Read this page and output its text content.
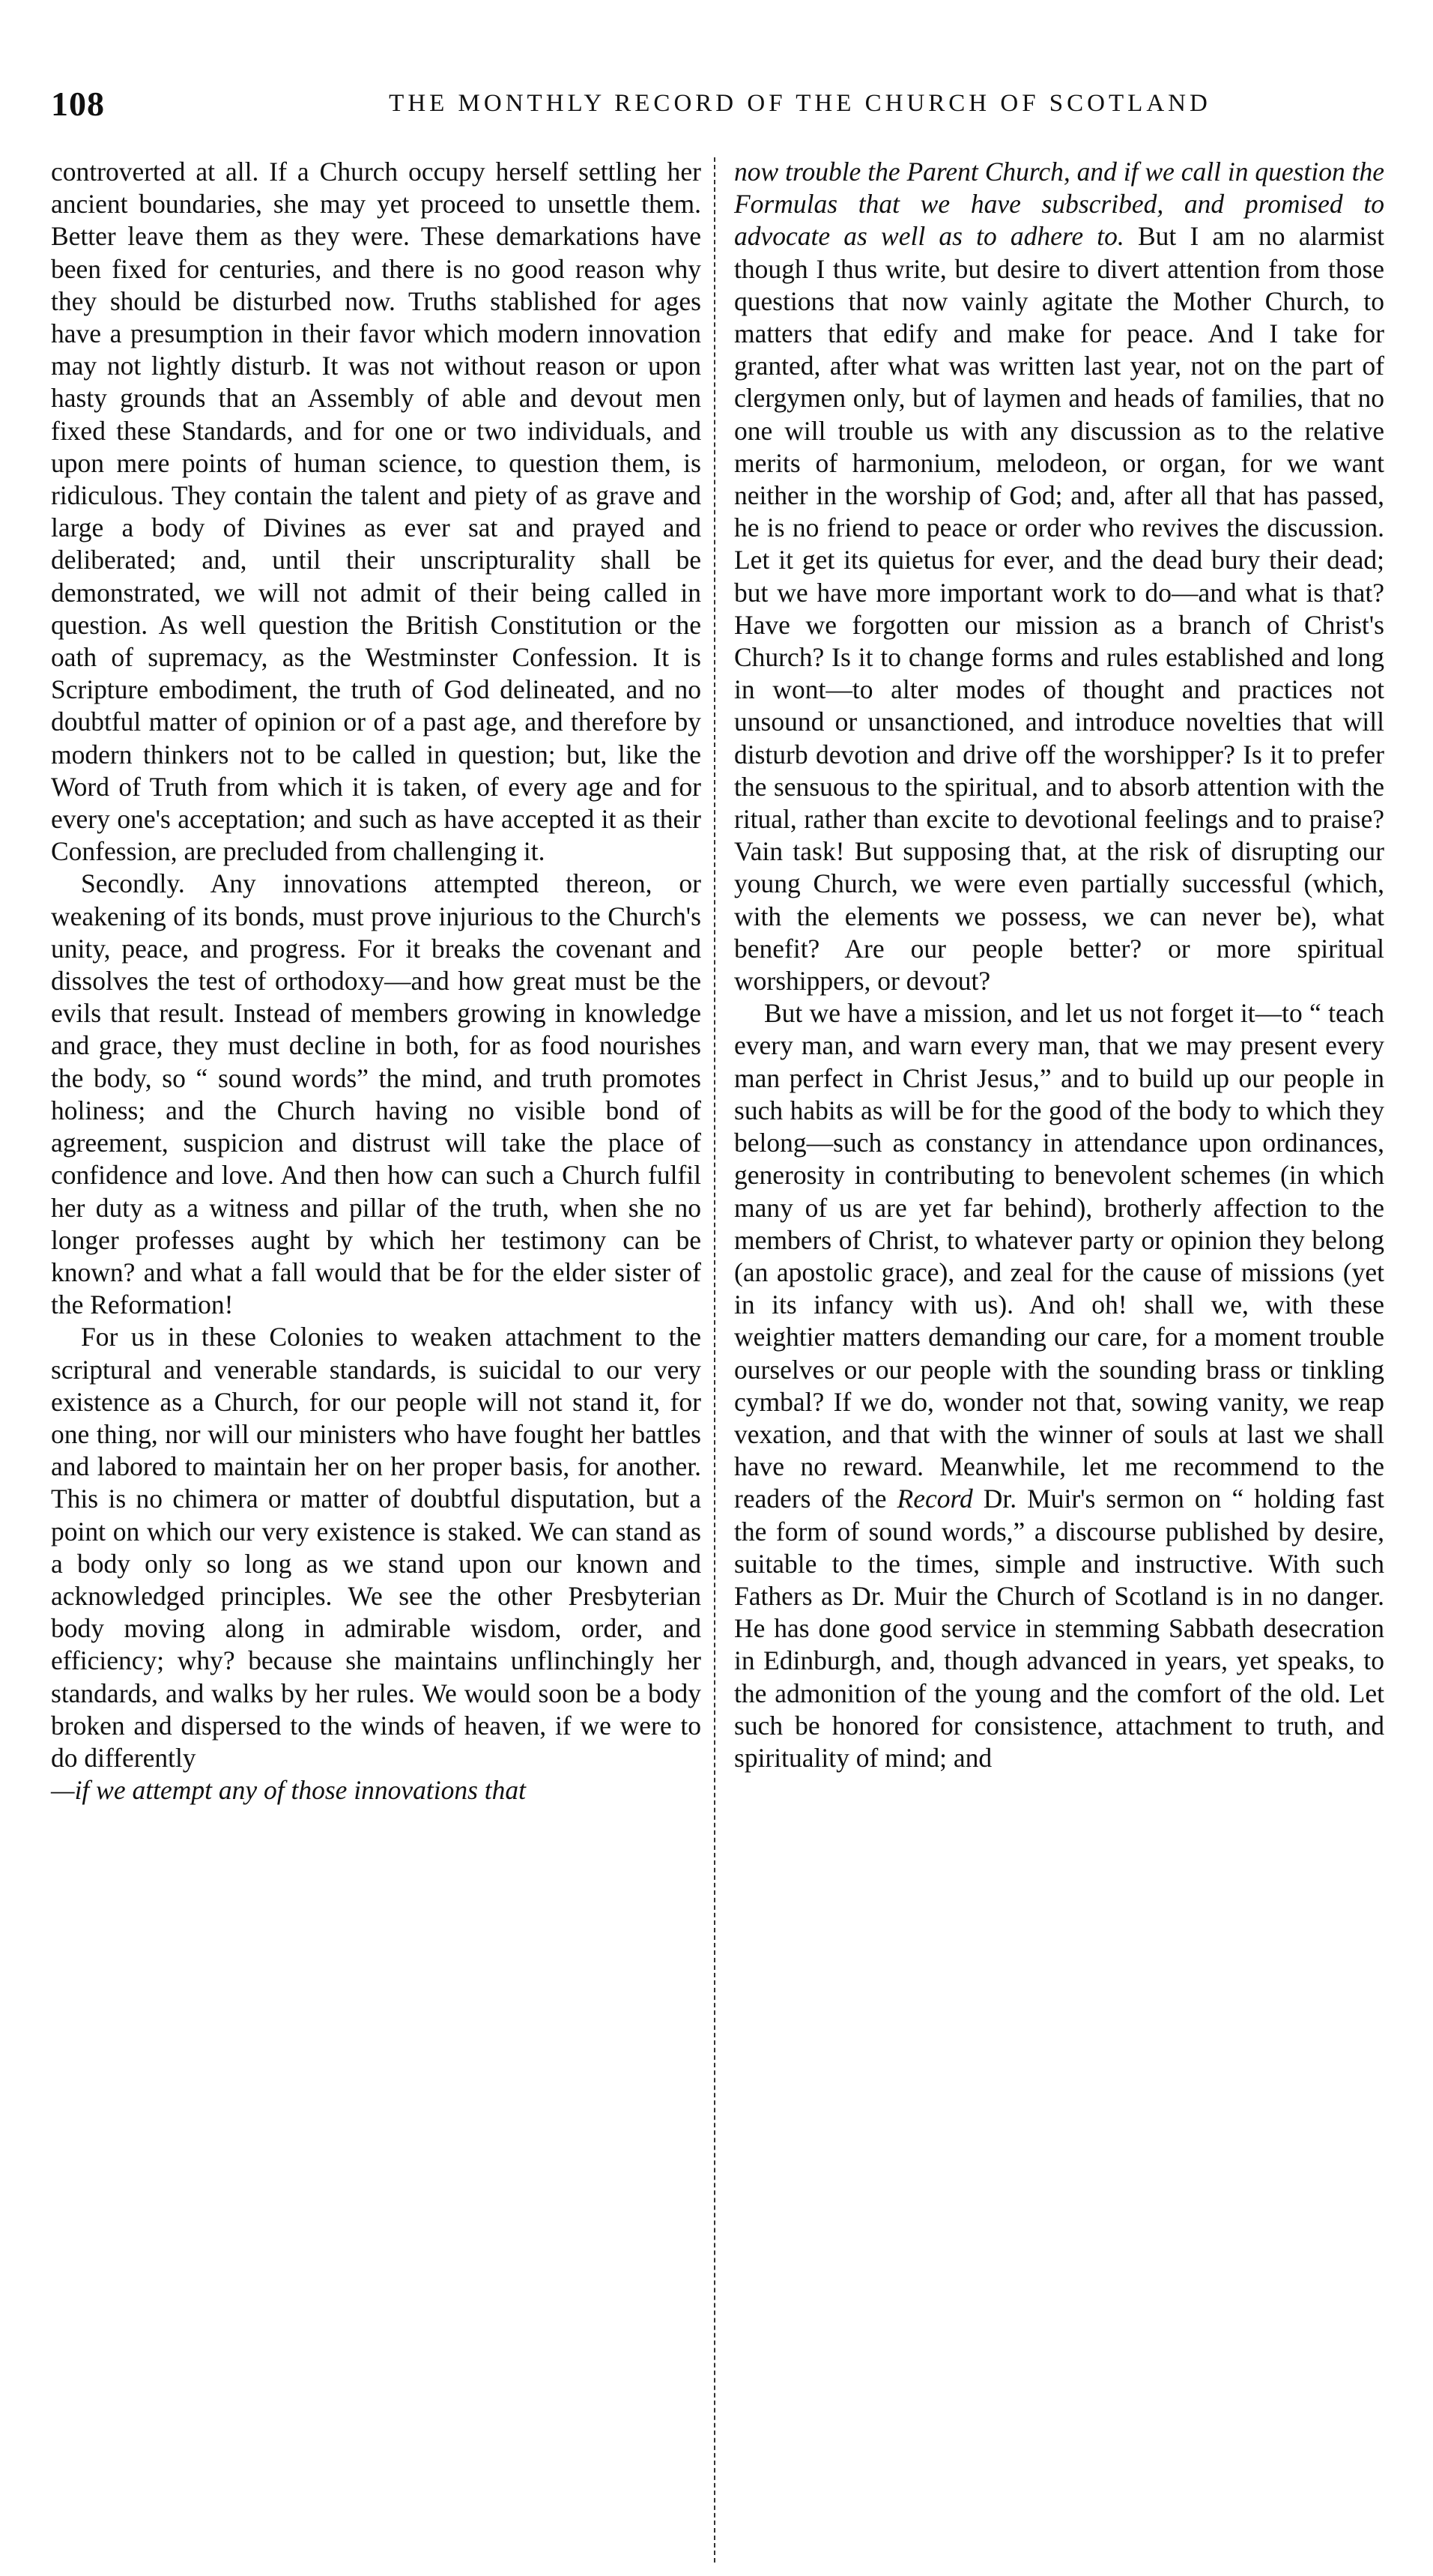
108	THE MONTHLY RECORD OF THE CHURCH OF SCOTLAND

controverted at all. If a Church occupy herself settling her ancient boundaries, she may yet proceed to unsettle them. Better leave them as they were. These demarkations have been fixed for centuries, and there is no good reason why they should be disturbed now. Truths stablished for ages have a presumption in their favor which modern innovation may not lightly disturb. It was not without reason or upon hasty grounds that an Assembly of able and devout men fixed these Standards, and for one or two individuals, and upon mere points of human science, to question them, is ridiculous. They contain the talent and piety of as grave and large a body of Divines as ever sat and prayed and deliberated; and, until their unscripturality shall be demonstrated, we will not admit of their being called in question. As well question the British Constitution or the oath of supremacy, as the Westminster Confession. It is Scripture embodiment, the truth of God delineated, and no doubtful matter of opinion or of a past age, and therefore by modern thinkers not to be called in question; but, like the Word of Truth from which it is taken, of every age and for every one's acceptation; and such as have accepted it as their Confession, are precluded from challenging it.

Secondly. Any innovations attempted thereon, or weakening of its bonds, must prove injurious to the Church's unity, peace, and progress. For it breaks the covenant and dissolves the test of orthodoxy—and how great must be the evils that result. Instead of members growing in knowledge and grace, they must decline in both, for as food nourishes the body, so “ sound words” the mind, and truth promotes holiness; and the Church having no visible bond of agreement, suspicion and distrust will take the place of confidence and love. And then how can such a Church fulfil her duty as a witness and pillar of the truth, when she no longer professes aught by which her testimony can be known? and what a fall would that be for the elder sister of the Reformation!

For us in these Colonies to weaken attachment to the scriptural and venerable standards, is suicidal to our very existence as a Church, for our people will not stand it, for one thing, nor will our ministers who have fought her battles and labored to maintain her on her proper basis, for another. This is no chimera or matter of doubtful disputation, but a point on which our very existence is staked. We can stand as a body only so long as we stand upon our known and acknowledged principles. We see the other Presbyterian body moving along in admirable wisdom, order, and efficiency; why? because she maintains unflinchingly her standards, and walks by her rules. We would soon be a body broken and dispersed to the winds of heaven, if we were to do differently
—if we attempt any of those innovations that

now trouble the Parent Church, and if we call in question the Formulas that we have subscribed, and promised to advocate as well as to adhere to. But I am no alarmist though I thus write, but desire to divert attention from those questions that now vainly agitate the Mother Church, to matters that edify and make for peace. And I take for granted, after what was written last year, not on the part of clergymen only, but of laymen and heads of families, that no one will trouble us with any discussion as to the relative merits of harmonium, melodeon, or organ, for we want neither in the worship of God; and, after all that has passed, he is no friend to peace or order who revives the discussion. Let it get its quietus for ever, and the dead bury their dead; but we have more important work to do—and what is that? Have we forgotten our mission as a branch of Christ's Church? Is it to change forms and rules established and long in wont—to alter modes of thought and practices not unsound or unsanctioned, and introduce novelties that will disturb devotion and drive off the worshipper? Is it to prefer the sensuous to the spiritual, and to absorb attention with the ritual, rather than excite to devotional feelings and to praise? Vain task! But supposing that, at the risk of disrupting our young Church, we were even partially successful (which, with the elements we possess, we can never be), what benefit? Are our people better? or more spiritual worshippers, or devout?

But we have a mission, and let us not forget it—to “ teach every man, and warn every man, that we may present every man perfect in Christ Jesus,” and to build up our people in such habits as will be for the good of the body to which they belong—such as constancy in attendance upon ordinances, generosity in contributing to benevolent schemes (in which many of us are yet far behind), brotherly affection to the members of Christ, to whatever party or opinion they belong (an apostolic grace), and zeal for the cause of missions (yet in its infancy with us). And oh! shall we, with these weightier matters demanding our care, for a moment trouble ourselves or our people with the sounding brass or tinkling cymbal? If we do, wonder not that, sowing vanity, we reap vexation, and that with the winner of souls at last we shall have no reward. Meanwhile, let me recommend to the readers of the Record Dr. Muir's sermon on “ holding fast the form of sound words,” a discourse published by desire, suitable to the times, simple and instructive. With such Fathers as Dr. Muir the Church of Scotland is in no danger. He has done good service in stemming Sabbath desecration in Edinburgh, and, though advanced in years, yet speaks, to the admonition of the young and the comfort of the old. Let such be honored for consistence, attachment to truth, and spirituality of mind; and
